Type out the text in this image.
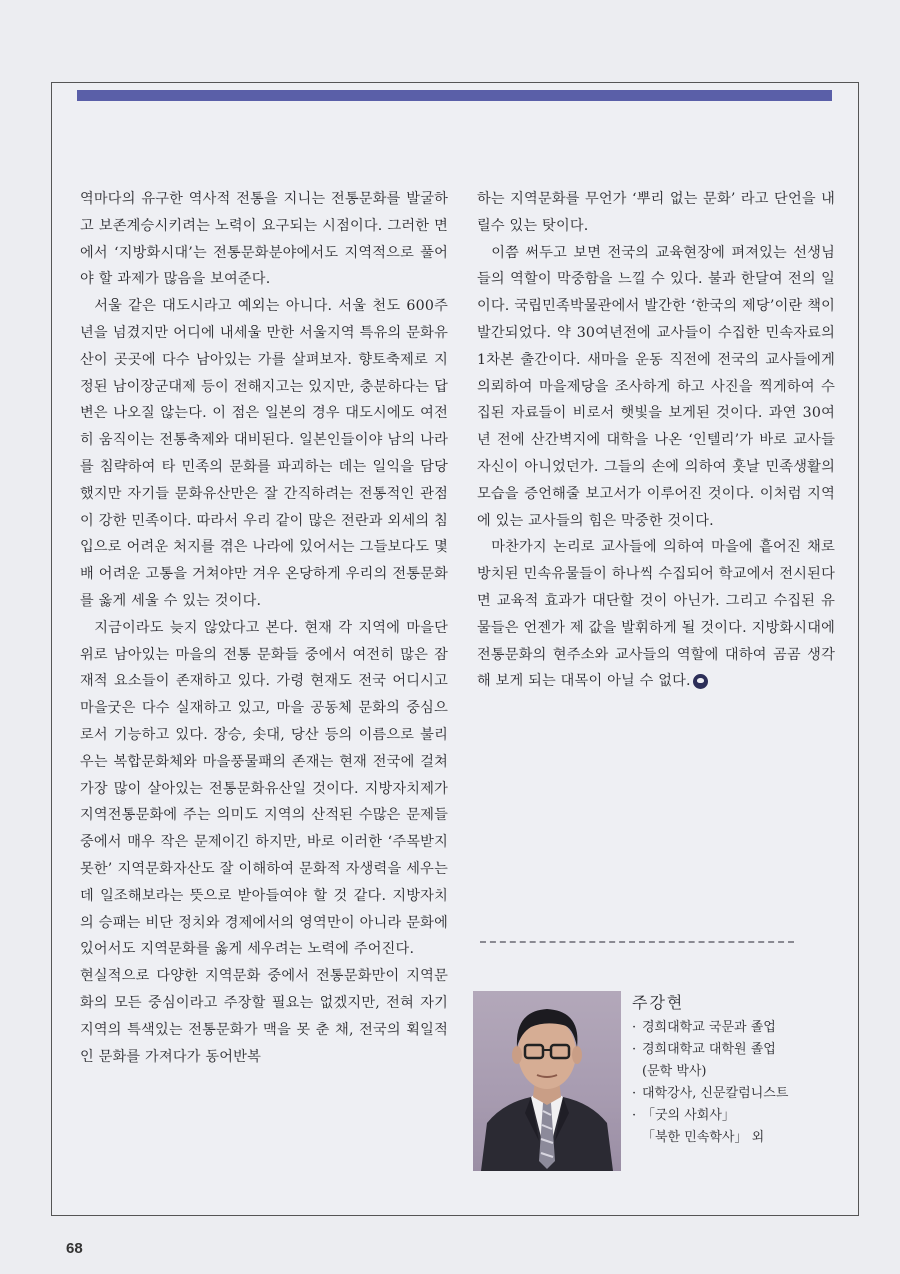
역마다의 유구한 역사적 전통을 지니는 전통문화를 발굴하고 보존계승시키려는 노력이 요구되는 시점이다. 그러한 면에서 ‘지방화시대’는 전통문화분야에서도 지역적으로 풀어야 할 과제가 많음을 보여준다.

서울 같은 대도시라고 예외는 아니다. 서울 천도 600주년을 넘겼지만 어디에 내세울 만한 서울지역 특유의 문화유산이 곳곳에 다수 남아있는 가를 살펴보자. 향토축제로 지정된 남이장군대제 등이 전해지고는 있지만, 충분하다는 답변은 나오질 않는다. 이 점은 일본의 경우 대도시에도 여전히 움직이는 전통축제와 대비된다. 일본인들이야 남의 나라를 침략하여 타 민족의 문화를 파괴하는 데는 일익을 담당했지만 자기들 문화유산만은 잘 간직하려는 전통적인 관점이 강한 민족이다. 따라서 우리 같이 많은 전란과 외세의 침입으로 어려운 처지를 겪은 나라에 있어서는 그들보다도 몇배 어려운 고통을 거쳐야만 겨우 온당하게 우리의 전통문화를 옳게 세울 수 있는 것이다.

지금이라도 늦지 않았다고 본다. 현재 각 지역에 마을단위로 남아있는 마을의 전통 문화들 중에서 여전히 많은 잠재적 요소들이 존재하고 있다. 가령 현재도 전국 어디시고 마을굿은 다수 실재하고 있고, 마을 공동체 문화의 중심으로서 기능하고 있다. 장승, 솟대, 당산 등의 이름으로 불리우는 복합문화체와 마을풍물패의 존재는 현재 전국에 걸쳐 가장 많이 살아있는 전통문화유산일 것이다. 지방자치제가 지역전통문화에 주는 의미도 지역의 산적된 수많은 문제들 중에서 매우 작은 문제이긴 하지만, 바로 이러한 ‘주목받지 못한’ 지역문화자산도 잘 이해하여 문화적 자생력을 세우는데 일조해보라는 뜻으로 받아들여야 할 것 같다. 지방자치의 승패는 비단 정치와 경제에서의 영역만이 아니라 문화에 있어서도 지역문화를 옳게 세우려는 노력에 주어진다.

현실적으로 다양한 지역문화 중에서 전통문화만이 지역문화의 모든 중심이라고 주장할 필요는 없겠지만, 전혀 자기 지역의 특색있는 전통문화가 맥을 못 춘 채, 전국의 획일적인 문화를 가져다가 동어반복

하는 지역문화를 무언가 ‘뿌리 없는 문화’ 라고 단언을 내릴수 있는 탓이다.

이쯤 써두고 보면 전국의 교육현장에 펴져있는 선생님들의 역할이 막중함을 느낄 수 있다. 불과 한달여 전의 일이다. 국립민족박물관에서 발간한 ‘한국의 제당’이란 책이 발간되었다. 약 30여년전에 교사들이 수집한 민속자료의 1차본 출간이다. 새마을 운동 직전에 전국의 교사들에게 의뢰하여 마을제당을 조사하게 하고 사진을 찍게하여 수집된 자료들이 비로서 햇빛을 보게된 것이다. 과연 30여년 전에 산간벽지에 대학을 나온 ‘인텔리’가 바로 교사들 자신이 아니었던가. 그들의 손에 의하여 훗날 민족생활의 모습을 증언해줄 보고서가 이루어진 것이다. 이처럼 지역에 있는 교사들의 힘은 막중한 것이다.

마찬가지 논리로 교사들에 의하여 마을에 흩어진 채로 방치된 민속유물들이 하나씩 수집되어 학교에서 전시된다면 교육적 효과가 대단할 것이 아닌가. 그리고 수집된 유물들은 언젠가 제 값을 발휘하게 될 것이다. 지방화시대에 전통문화의 현주소와 교사들의 역할에 대하여 곰곰 생각해 보게 되는 대목이 아닐 수 없다.

주강현
· 경희대학교 국문과 졸업
· 경희대학교 대학원 졸업
(문학 박사)
· 대학강사, 신문칼럼니스트
· 「굿의 사회사」
「북한 민속학사」 외
68
